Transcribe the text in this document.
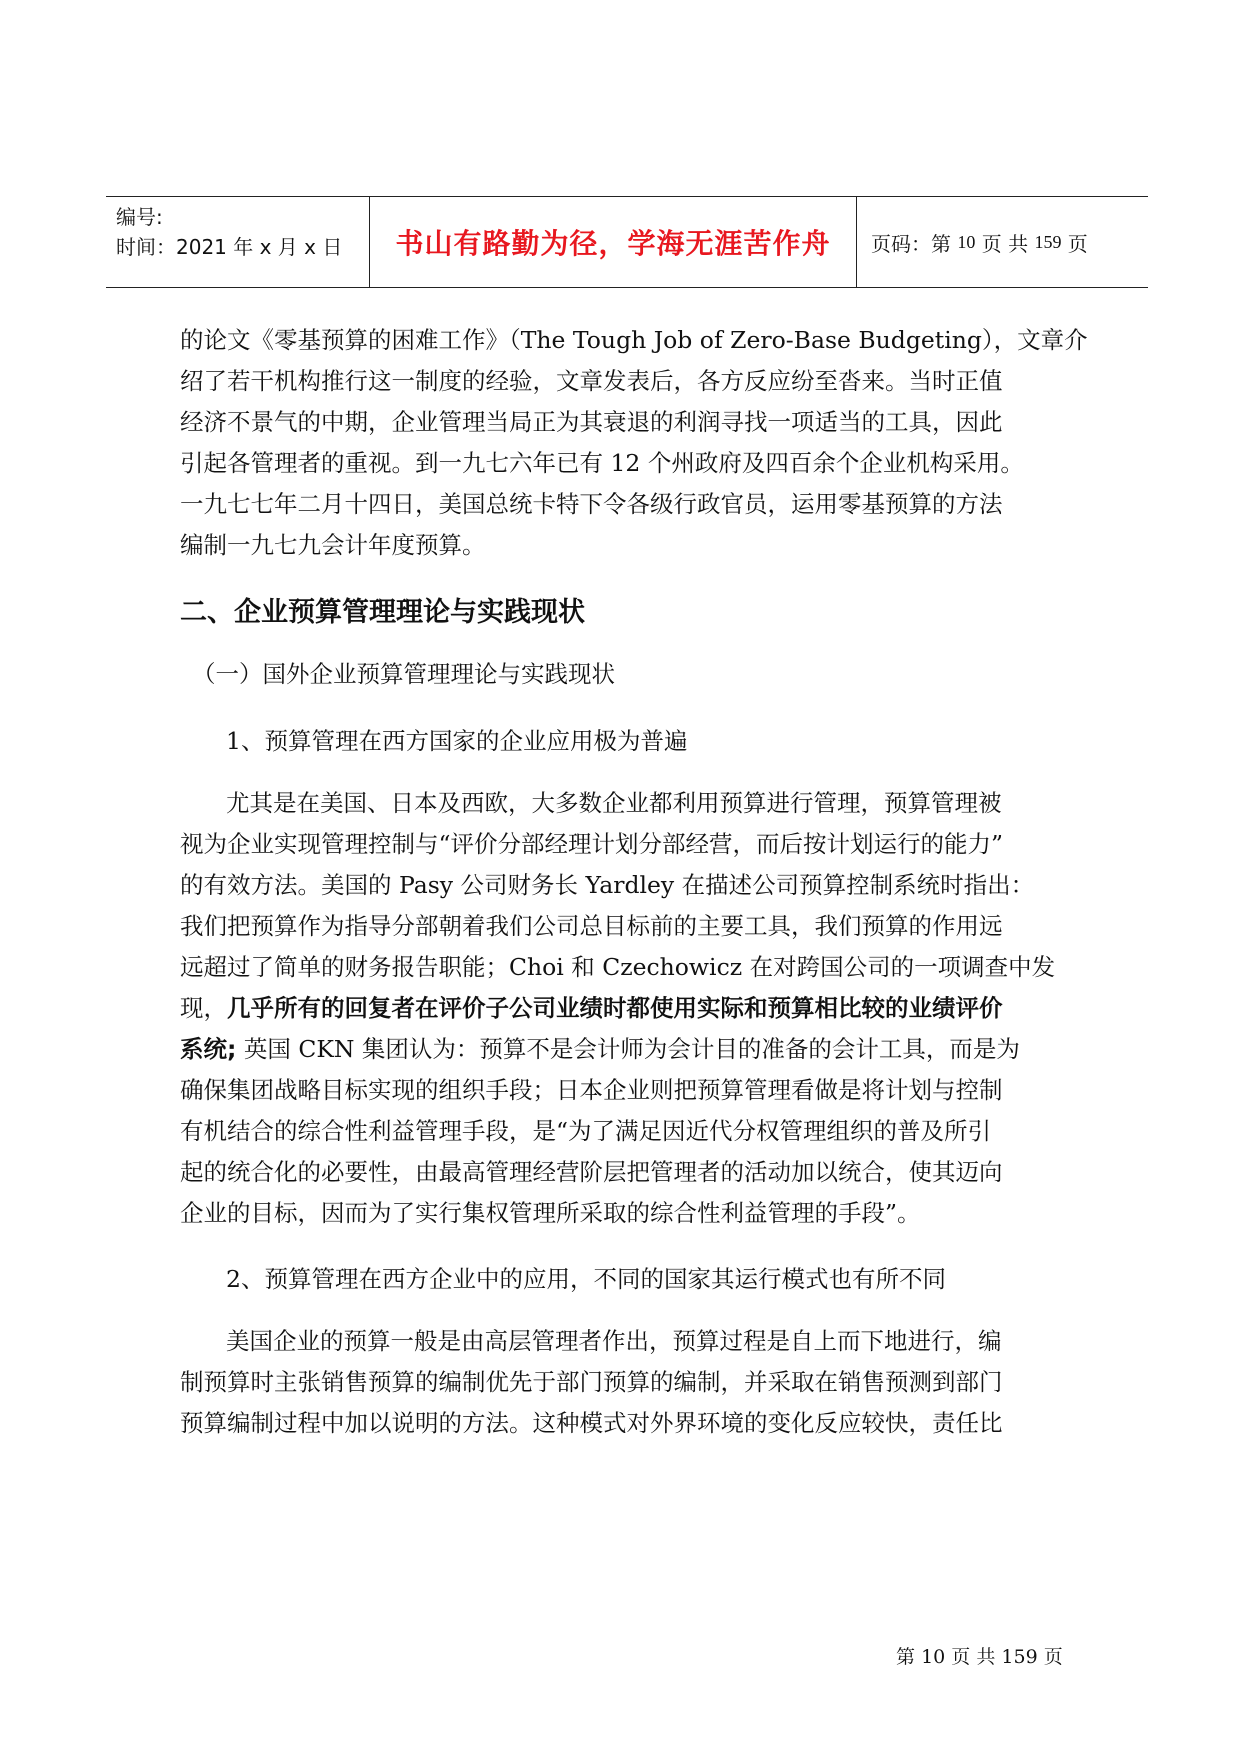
编号:
时间：2021 年 x 月 x 日 书山有路勤为径，学海无涯苦作舟 页码：第
10
页 共
159
页

的论文《零基预算的困难工作》（The Tough Job of Zero-Base Budgeting），文章介
绍了若干机构推行这一制度的经验，文章发表后，各方反应纷至沓来。当时正值
经济不景气的中期，企业管理当局正为其衰退的利润寻找一项适当的工具，因此
引起各管理者的重视。到一九七六年已有 12 个州政府及四百余个企业机构采用。
一九七七年二月十四日，美国总统卡特下令各级行政官员，运用零基预算的方法
编制一九七九会计年度预算。

二、企业预算管理理论与实践现状

（一）国外企业预算管理理论与实践现状

1、预算管理在西方国家的企业应用极为普遍

尤其是在美国、日本及西欧，大多数企业都利用预算进行管理，预算管理被
视为企业实现管理控制与“评价分部经理计划分部经营，而后按计划运行的能力”
的有效方法。美国的 Pasy 公司财务长 Yardley 在描述公司预算控制系统时指出：
我们把预算作为指导分部朝着我们公司总目标前的主要工具，我们预算的作用远
远超过了简单的财务报告职能；Choi 和 Czechowicz 在对跨国公司的一项调查中发
现，几乎所有的回复者在评价子公司业绩时都使用实际和预算相比较的业绩评价
系统; 英国 CKN 集团认为：预算不是会计师为会计目的准备的会计工具，而是为
确保集团战略目标实现的组织手段；日本企业则把预算管理看做是将计划与控制
有机结合的综合性利益管理手段，是“为了满足因近代分权管理组织的普及所引
起的统合化的必要性，由最高管理经营阶层把管理者的活动加以统合，使其迈向
企业的目标，因而为了实行集权管理所采取的综合性利益管理的手段”。

2、预算管理在西方企业中的应用，不同的国家其运行模式也有所不同

美国企业的预算一般是由高层管理者作出，预算过程是自上而下地进行，编
制预算时主张销售预算的编制优先于部门预算的编制，并采取在销售预测到部门
预算编制过程中加以说明的方法。这种模式对外界环境的变化反应较快，责任比

第 10 页 共 159 页
